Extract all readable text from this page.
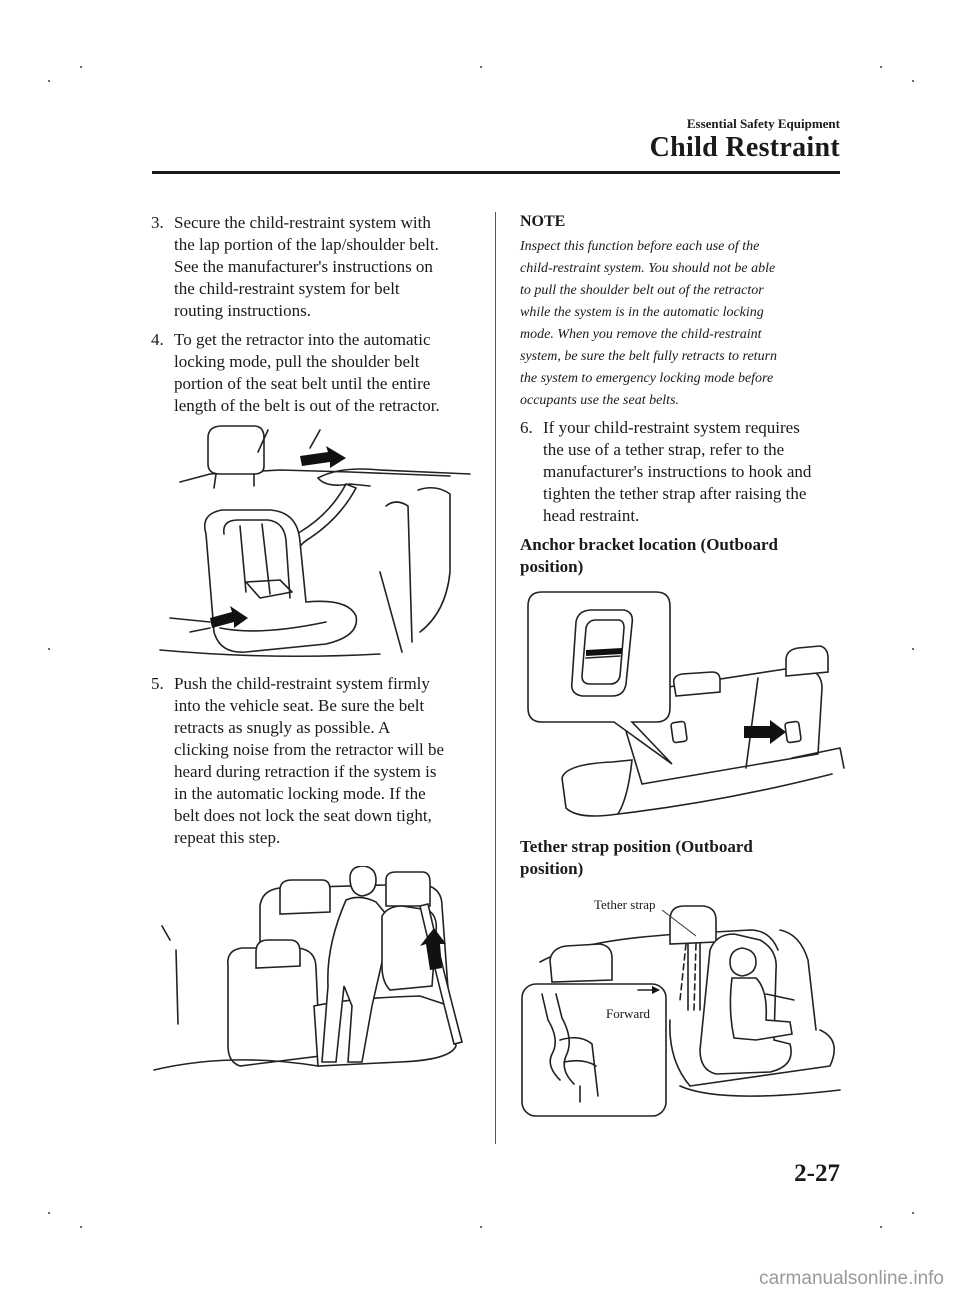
Essential Safety Equipment
Child Restraint
3. Secure the child-restraint system with
the lap portion of the lap/shoulder belt.
See the manufacturer's instructions on
the child-restraint system for belt
routing instructions.
4. To get the retractor into the automatic
locking mode, pull the shoulder belt
portion of the seat belt until the entire
length of the belt is out of the retractor.
5. Push the child-restraint system firmly
into the vehicle seat. Be sure the belt
retracts as snugly as possible. A
clicking noise from the retractor will be
heard during retraction if the system is
in the automatic locking mode. If the
belt does not lock the seat down tight,
repeat this step.
NOTE
Inspect this function before each use of the
child-restraint system. You should not be able
to pull the shoulder belt out of the retractor
while the system is in the automatic locking
mode. When you remove the child-restraint
system, be sure the belt fully retracts to return
the system to emergency locking mode before
occupants use the seat belts.
6. If your child-restraint system requires
the use of a tether strap, refer to the
manufacturer's instructions to hook and
tighten the tether strap after raising the
head restraint.
Anchor bracket location (Outboard
position)
Tether strap position (Outboard
position)
Tether strap
Forward
2-27
carmanualsonline.info
